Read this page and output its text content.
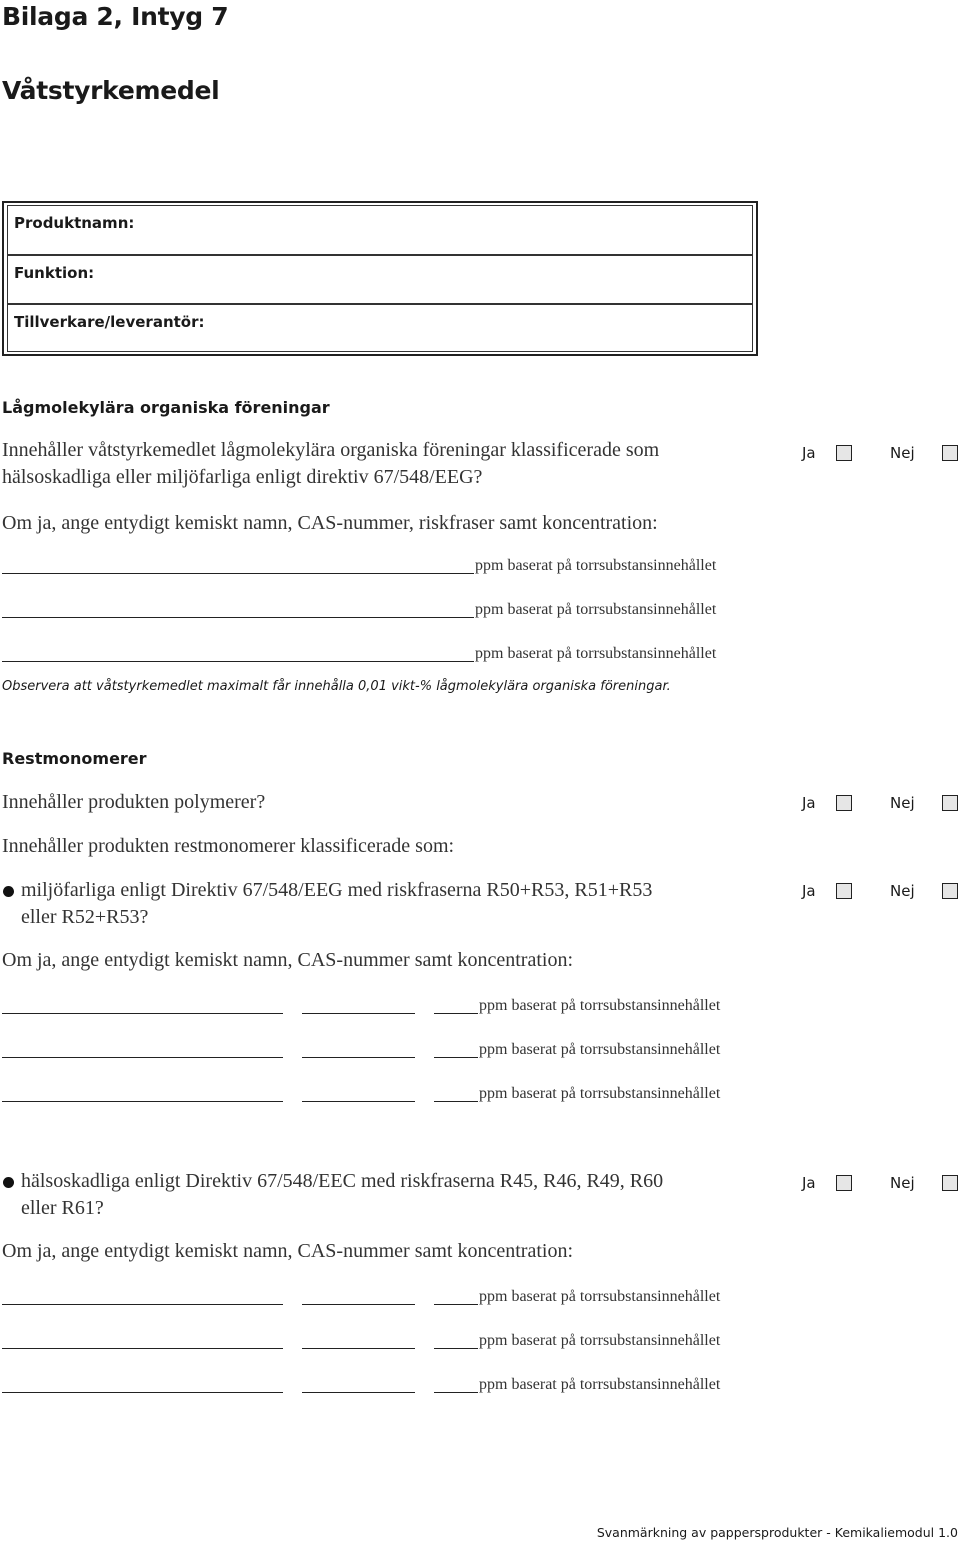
Bilaga 2, Intyg 7
Våtstyrkemedel
Produktnamn:
Funktion:
Tillverkare/leverantör:
Lågmolekylära organiska föreningar
Innehåller våtstyrkemedlet lågmolekylära organiska föreningar klassificerade som
hälsoskadliga eller miljöfarliga enligt direktiv 67/548/EEG?
Ja	Nej
Om ja, ange entydigt kemiskt namn, CAS-nummer, riskfraser samt koncentration:
ppm baserat på torrsubstansinnehållet
ppm baserat på torrsubstansinnehållet
ppm baserat på torrsubstansinnehållet
Observera att våtstyrkemedlet maximalt får innehålla 0,01 vikt-% lågmolekylära organiska föreningar.
Restmonomerer
Innehåller produkten polymerer?	Ja	Nej
Innehåller produkten restmonomerer klassificerade som:
miljöfarliga enligt Direktiv 67/548/EEG med riskfraserna R50+R53, R51+R53
eller R52+R53?
Ja	Nej
Om ja, ange entydigt kemiskt namn, CAS-nummer samt koncentration:
ppm baserat på torrsubstansinnehållet
ppm baserat på torrsubstansinnehållet
ppm baserat på torrsubstansinnehållet
hälsoskadliga enligt Direktiv 67/548/EEC med riskfraserna R45, R46, R49, R60
eller R61?
Ja	Nej
Om ja, ange entydigt kemiskt namn, CAS-nummer samt koncentration:
ppm baserat på torrsubstansinnehållet
ppm baserat på torrsubstansinnehållet
ppm baserat på torrsubstansinnehållet
Svanmärkning av pappersprodukter - Kemikaliemodul 1.0
